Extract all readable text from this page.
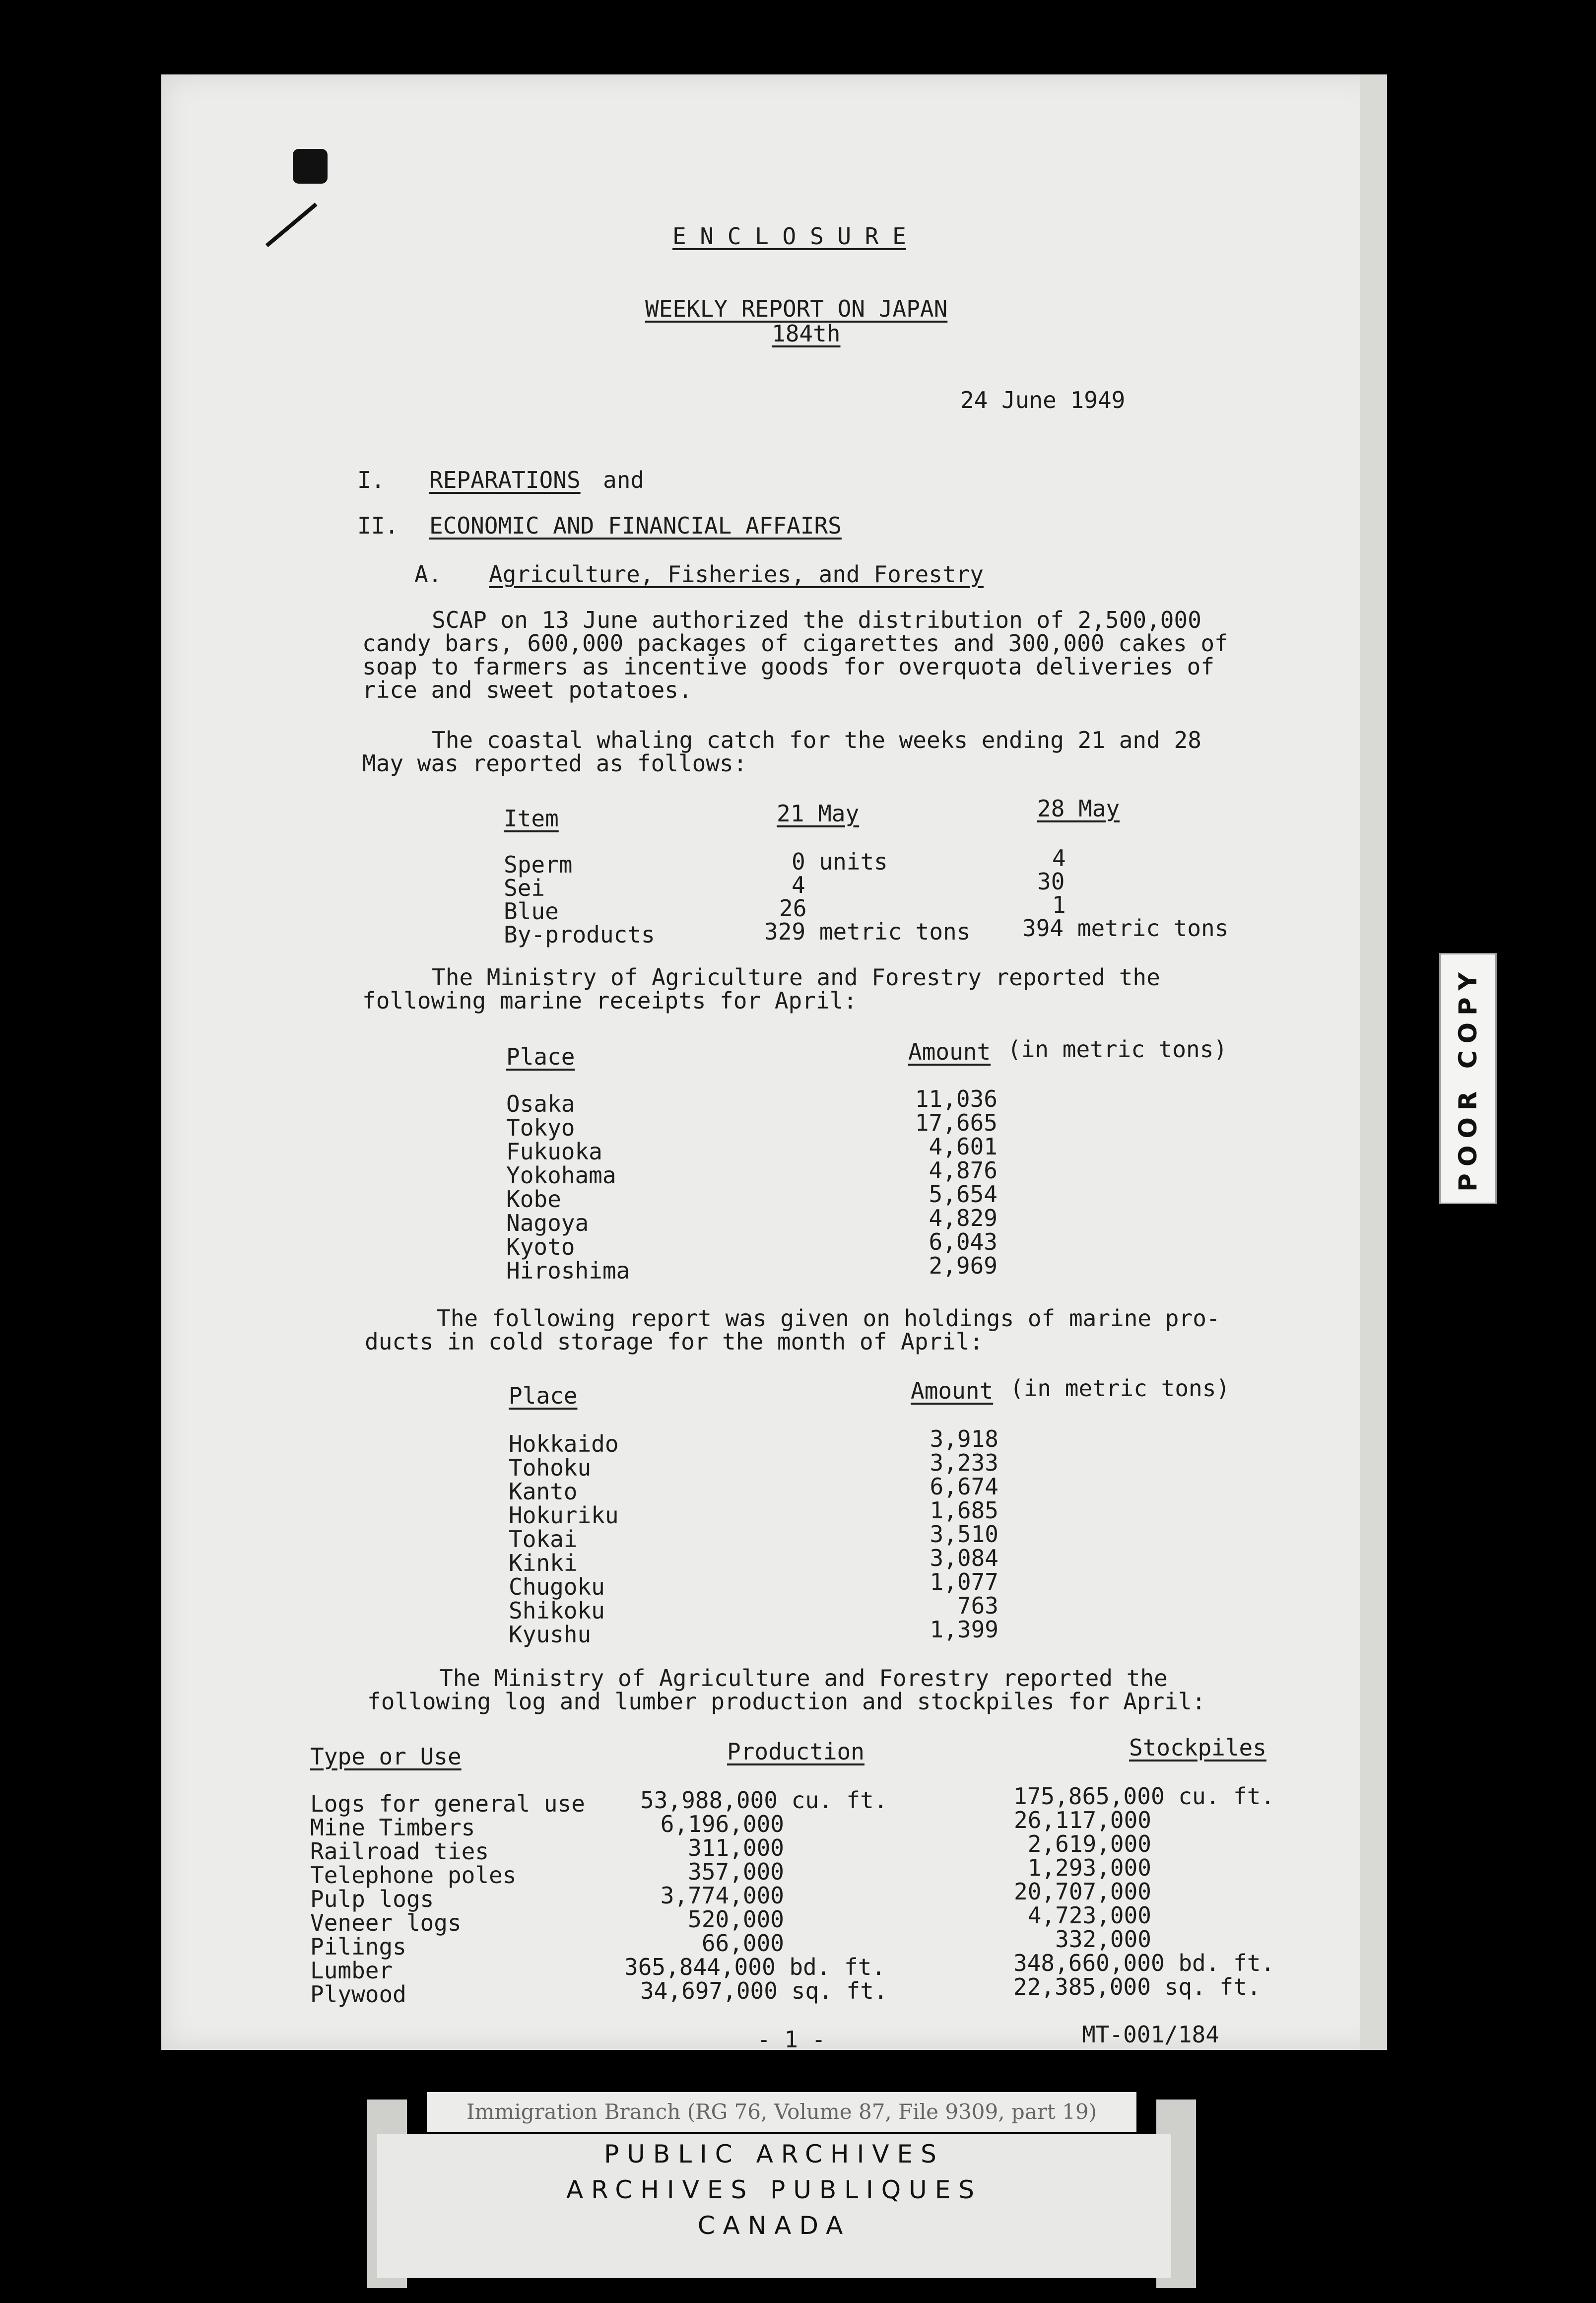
E N C L O S U R E
WEEKLY REPORT ON JAPAN
184th
24 June 1949
I. REPARATIONS and
II. ECONOMIC AND FINANCIAL AFFAIRS
A. Agriculture, Fisheries, and Forestry
SCAP on 13 June authorized the distribution of 2,500,000
candy bars, 600,000 packages of cigarettes and 300,000 cakes of
soap to farmers as incentive goods for overquota deliveries of
rice and sweet potatoes.
The coastal whaling catch for the weeks ending 21 and 28
May was reported as follows:
Item	21 May	28 May
Sperm	0 units	4
Sei	4	30
Blue	26	1
By-products	329 metric tons 394 metric tons
The Ministry of Agriculture and Forestry reported the
following marine receipts for April:
Place	Amount (in metric tons)
Osaka	11,036
Tokyo	17,665
Fukuoka	4,601
Yokohama	4,876
Kobe	5,654
Nagoya	4,829
Kyoto	6,043
Hiroshima	2,969
The following report was given on holdings of marine pro-
ducts in cold storage for the month of April:
Place	Amount (in metric tons)
Hokkaido	3,918
Tohoku	3,233
Kanto	6,674
Hokuriku	1,685
Tokai	3,510
Kinki	3,084
Chugoku	1,077
Shikoku	763
Kyushu	1,399
The Ministry of Agriculture and Forestry reported the
following log and lumber production and stockpiles for April:
Type or Use	Production	Stockpiles
Logs for general use 53,988,000 cu. ft.	175,865,000 cu. ft.
Mine Timbers	6,196,000	26,117,000
Railroad ties	311,000	2,619,000
Telephone poles	357,000	1,293,000
Pulp logs	3,774,000	20,707,000
Veneer logs	520,000	4,723,000
Pilings	66,000	332,000
Lumber	365,844,000 bd. ft.	348,660,000 bd. ft.
Plywood	34,697,000 sq. ft.	22,385,000 sq. ft.
- 1 -	MT-001/184
POOR COPY
Immigration Branch (RG 76, Volume 87, File 9309, part 19)
PUBLIC ARCHIVES
ARCHIVES PUBLIQUES
CANADA
